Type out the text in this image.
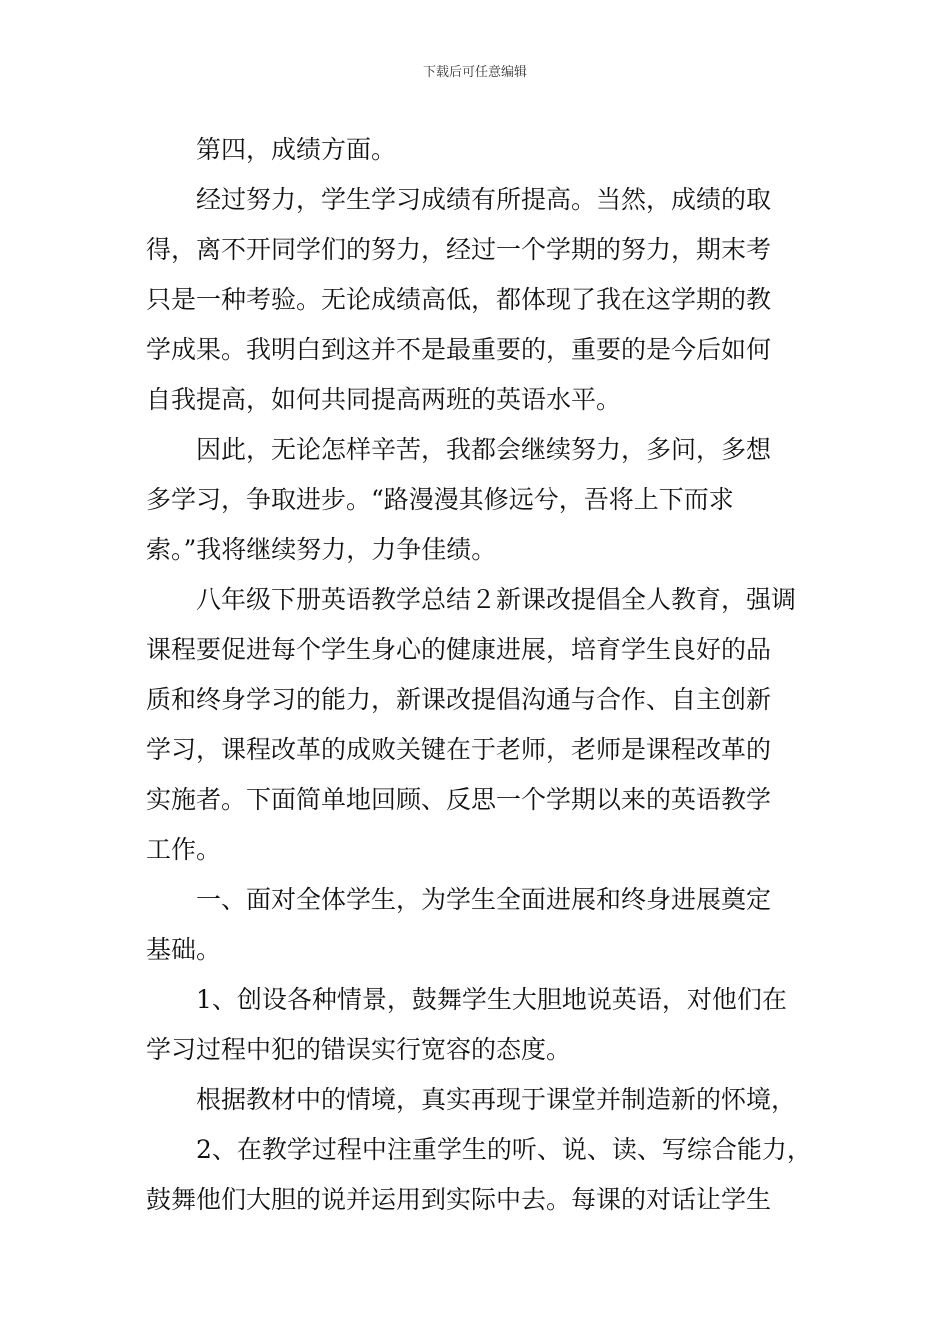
下载后可任意编辑
第四，成绩方面。
经过努力，学生学习成绩有所提高。当然，成绩的取
得，离不开同学们的努力，经过一个学期的努力，期末考
只是一种考验。无论成绩高低，都体现了我在这学期的教
学成果。我明白到这并不是最重要的，重要的是今后如何
自我提高，如何共同提高两班的英语水平。
因此，无论怎样辛苦，我都会继续努力，多问，多想
多学习，争取进步。“路漫漫其修远兮，吾将上下而求
索。”我将继续努力，力争佳绩。
八年级下册英语教学总结２新课改提倡全人教育，强调
课程要促进每个学生身心的健康进展，培育学生良好的品
质和终身学习的能力，新课改提倡沟通与合作、自主创新
学习，课程改革的成败关键在于老师，老师是课程改革的
实施者。下面简单地回顾、反思一个学期以来的英语教学
工作。
一、面对全体学生，为学生全面进展和终身进展奠定
基础。
1、创设各种情景，鼓舞学生大胆地说英语，对他们在
学习过程中犯的错误实行宽容的态度。
根据教材中的情境，真实再现于课堂并制造新的怀境，
2、在教学过程中注重学生的听、说、读、写综合能力，
鼓舞他们大胆的说并运用到实际中去。每课的对话让学生
